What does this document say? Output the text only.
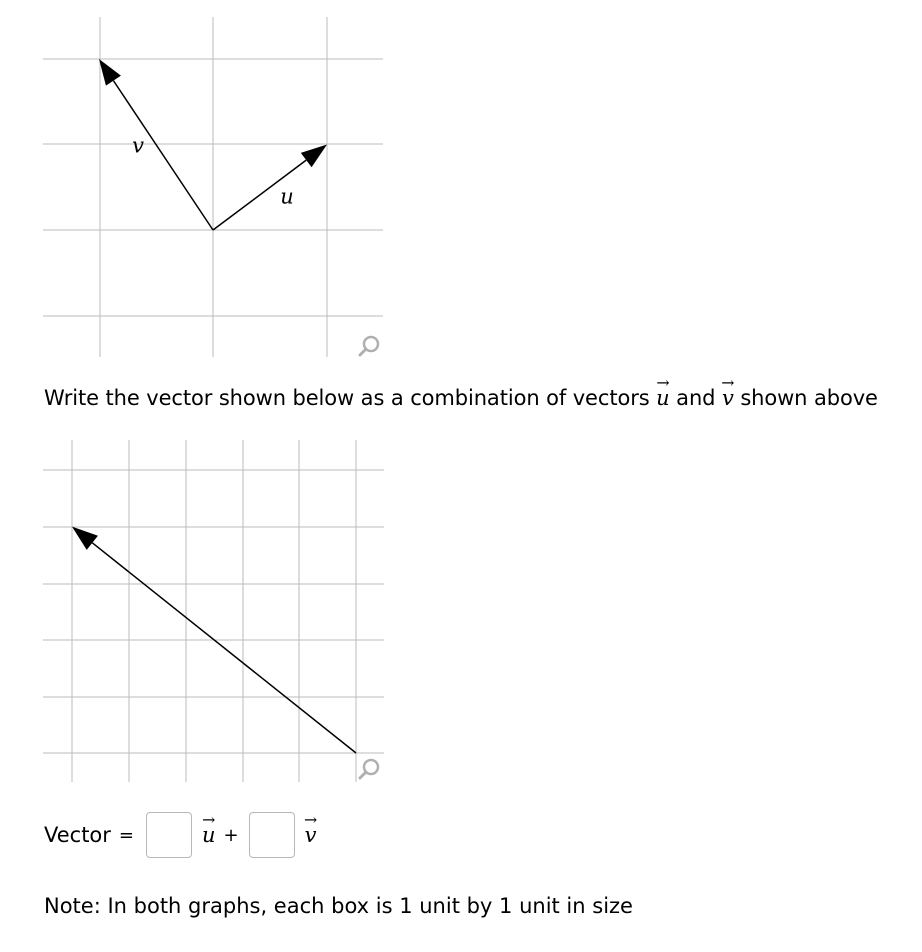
v
u
Write the vector shown below as a combination of vectors u
→
and v
→
shown above
Vector =	u
→
+	v
→
Note: In both graphs, each box is 1 unit by 1 unit in size
